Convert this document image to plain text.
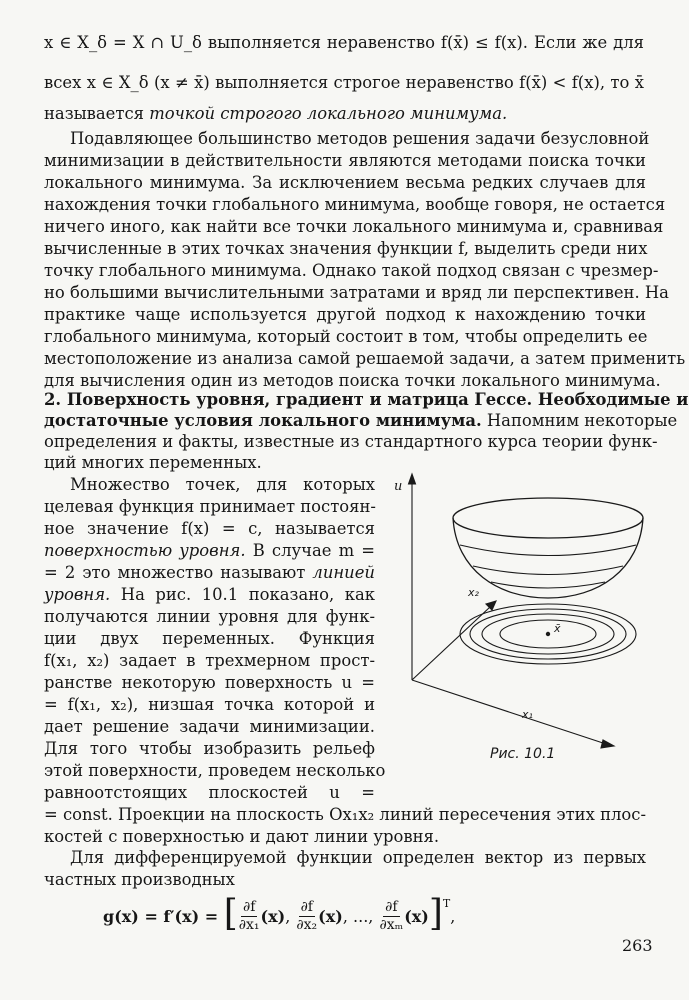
x ∈ X_δ = X ∩ U_δ выполняется неравенство f(x̄) ≤ f(x). Если же для
всех x ∈ X_δ (x ≠ x̄) выполняется строгое неравенство f(x̄) < f(x), то x̄
называется точкой строгого локального минимума.
Подавляющее большинство методов решения задачи безусловной
минимизации в действительности являются методами поиска точки
локального минимума. За исключением весьма редких случаев для
нахождения точки глобального минимума, вообще говоря, не остается
ничего иного, как найти все точки локального минимума и, сравнивая
вычисленные в этих точках значения функции f, выделить среди них
точку глобального минимума. Однако такой подход связан с чрезмер-
но большими вычислительными затратами и вряд ли перспективен. На
практике чаще используется другой подход к нахождению точки
глобального минимума, который состоит в том, чтобы определить ее
местоположение из анализа самой решаемой задачи, а затем применить
для вычисления один из методов поиска точки локального минимума.
2. Поверхность уровня, градиент и матрица Гессе. Необходимые и
достаточные условия локального минимума. Напомним некоторые
определения и факты, известные из стандартного курса теории функ-
ций многих переменных.
Множество точек, для которых
целевая функция принимает постоян-
ное значение f(x) = c, называется
поверхностью уровня. В случае m =
= 2 это множество называют линией
уровня. На рис. 10.1 показано, как
получаются линии уровня для функ-
ции двух переменных. Функция
f(x₁, x₂) задает в трехмерном прост-
ранстве некоторую поверхность u =
= f(x₁, x₂), низшая точка которой и
дает решение задачи минимизации.
Для того чтобы изобразить рельеф
этой поверхности, проведем несколько
равноотстоящих плоскостей u =
= const. Проекции на плоскость Ox₁x₂ линий пересечения этих плос-
костей с поверхностью и дают линии уровня.
u
x₂
x₁
x̄
Рис. 10.1
Для дифференцируемой функции определен вектор из первых
частных производных
g(x) = f′(x) = [ $\frac{\partial f}{\text{∂x₁}} (x)$ , $\frac{\partial f}{\text{∂x₂}} (x)$ , ... , $\frac{\partial f}{\text{∂xₘ}} (x)$ ] T
,
263
